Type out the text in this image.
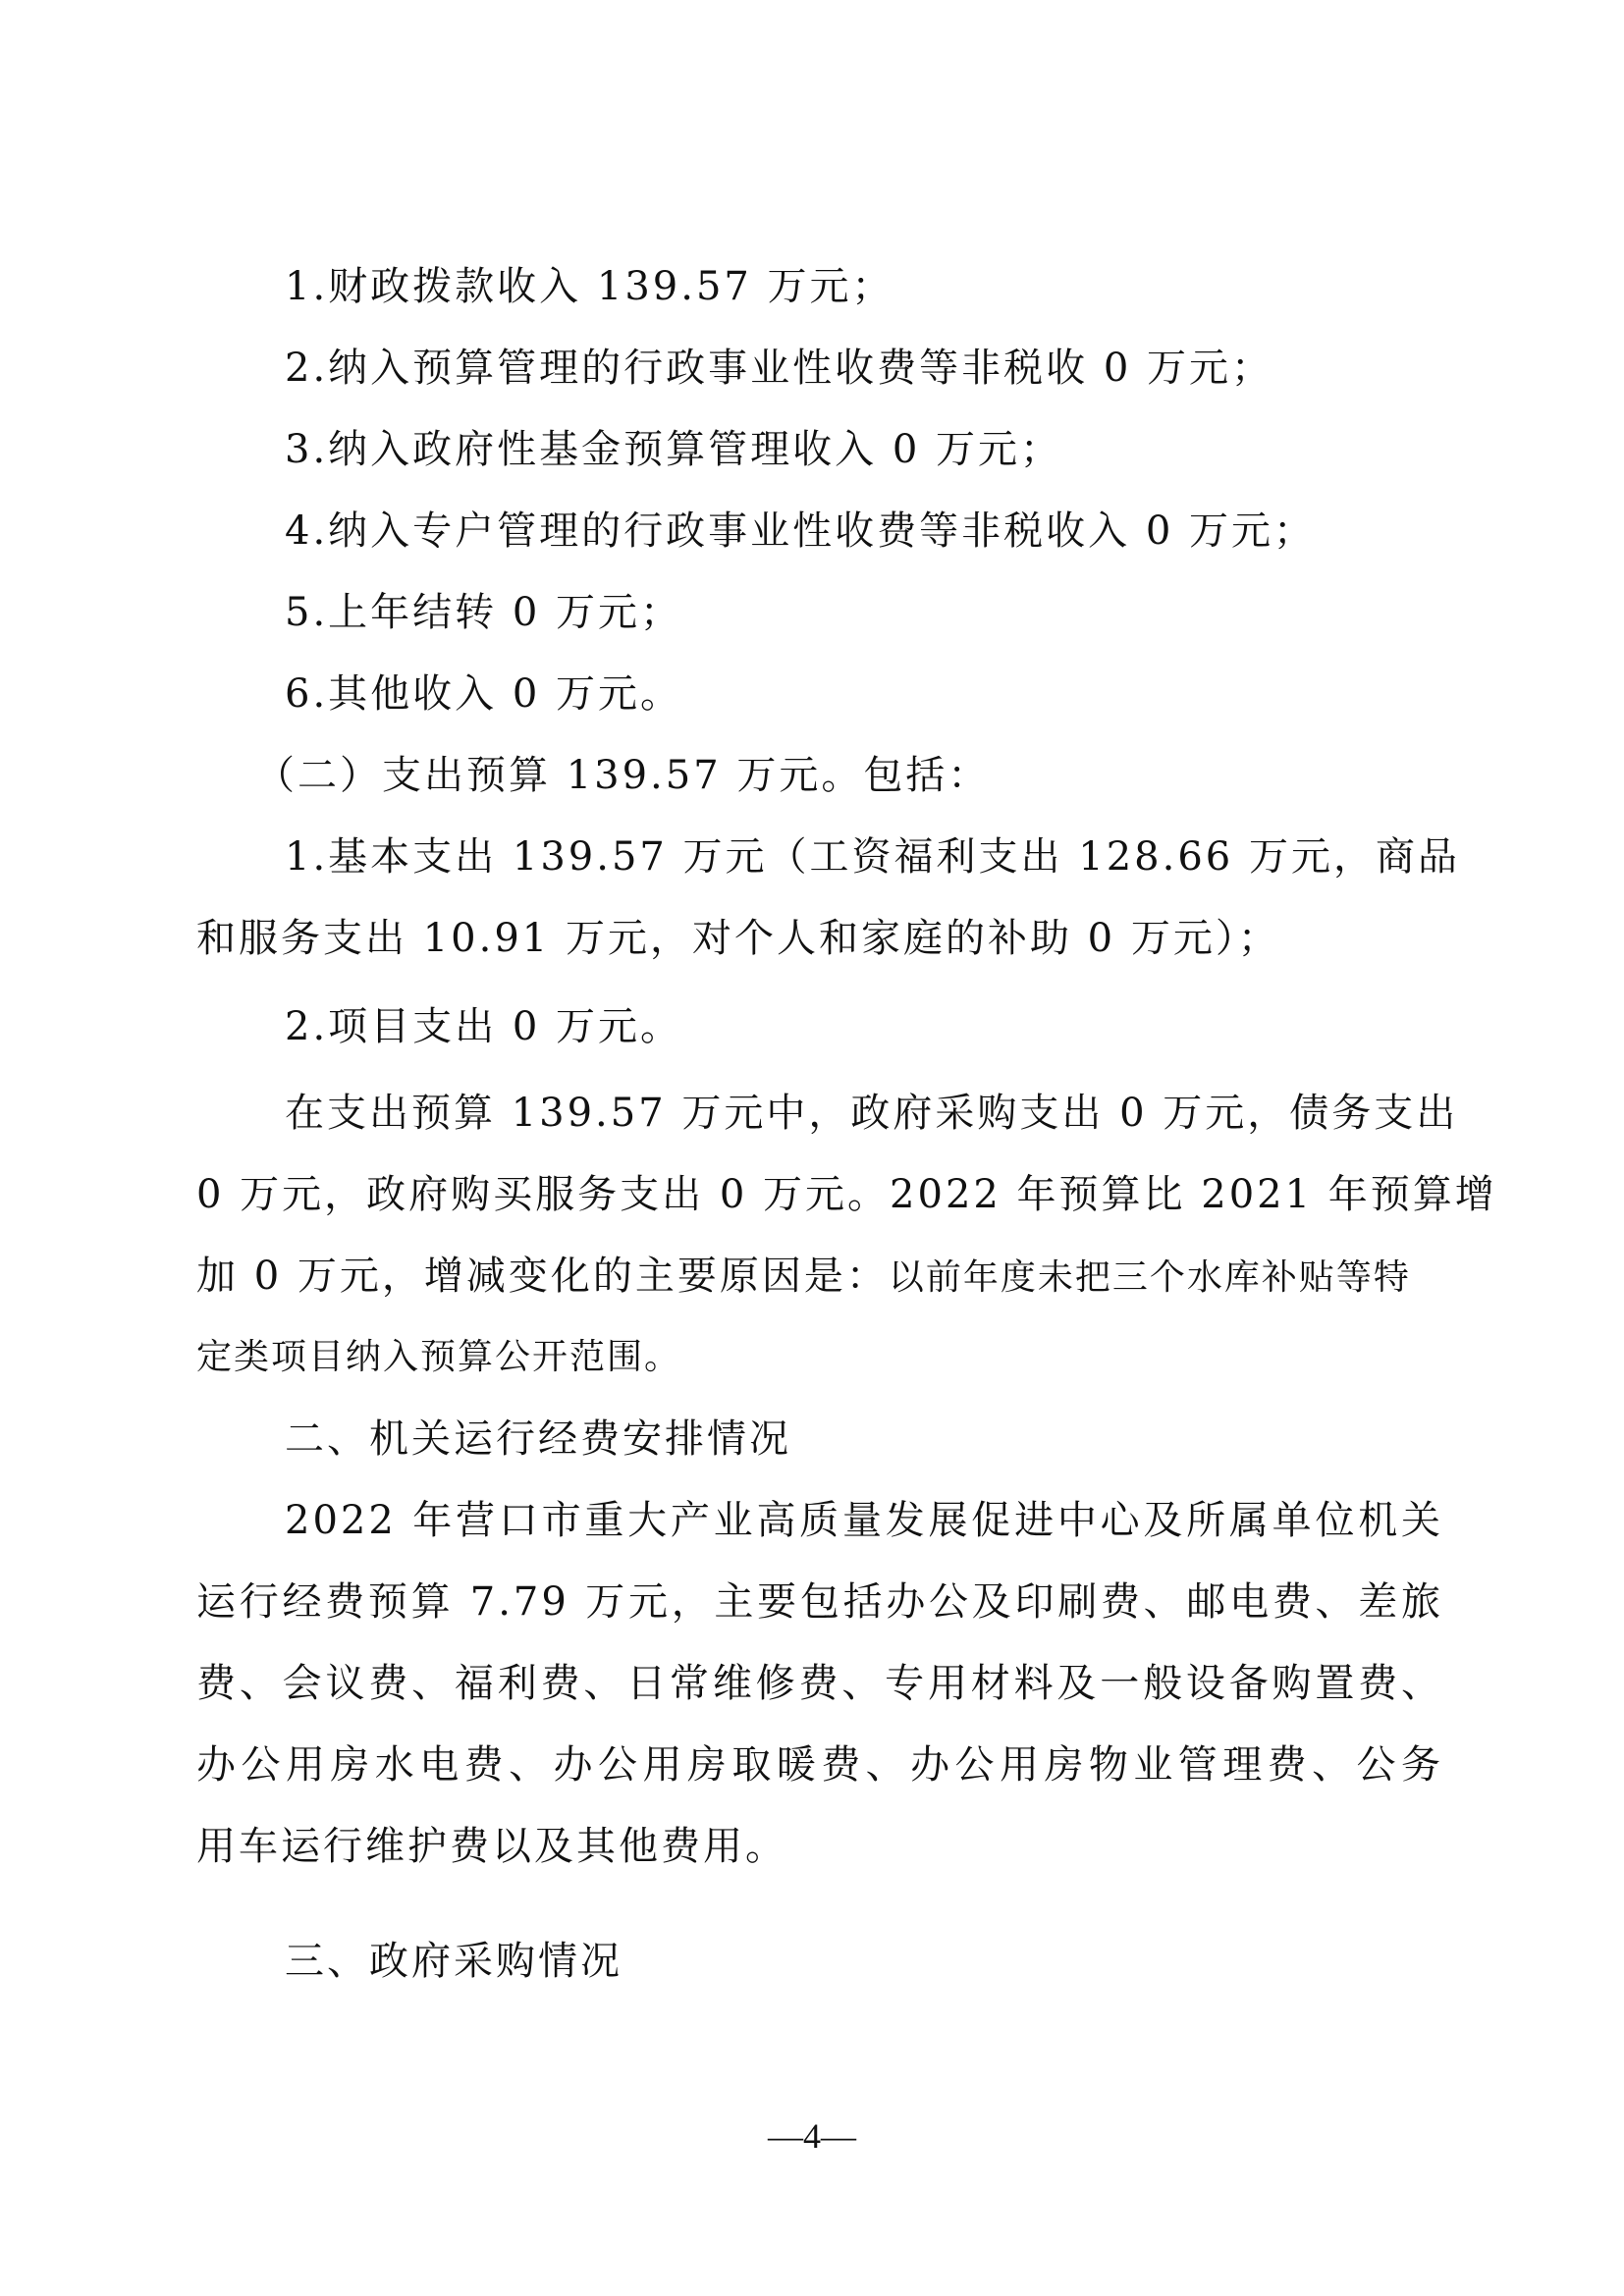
1.财政拨款收入 139.57 万元；
2.纳入预算管理的行政事业性收费等非税收 0 万元；
3.纳入政府性基金预算管理收入 0 万元；
4.纳入专户管理的行政事业性收费等非税收入 0 万元；
5.上年结转 0 万元；
6.其他收入 0 万元。
（二）支出预算 139.57 万元。包括：
1.基本支出 139.57 万元（工资福利支出 128.66 万元，商品
和服务支出 10.91 万元，对个人和家庭的补助 0 万元）；
2.项目支出 0 万元。
在支出预算 139.57 万元中，政府采购支出 0 万元，债务支出
0 万元，政府购买服务支出 0 万元。2022 年预算比 2021 年预算增
加 0 万元，增减变化的主要原因是：以前年度未把三个水库补贴等特
定类项目纳入预算公开范围。
二、机关运行经费安排情况
2022 年营口市重大产业高质量发展促进中心及所属单位机关
运行经费预算 7.79 万元，主要包括办公及印刷费、邮电费、差旅
费、会议费、福利费、日常维修费、专用材料及一般设备购置费、
办公用房水电费、办公用房取暖费、办公用房物业管理费、公务
用车运行维护费以及其他费用。
三、政府采购情况
—4—
